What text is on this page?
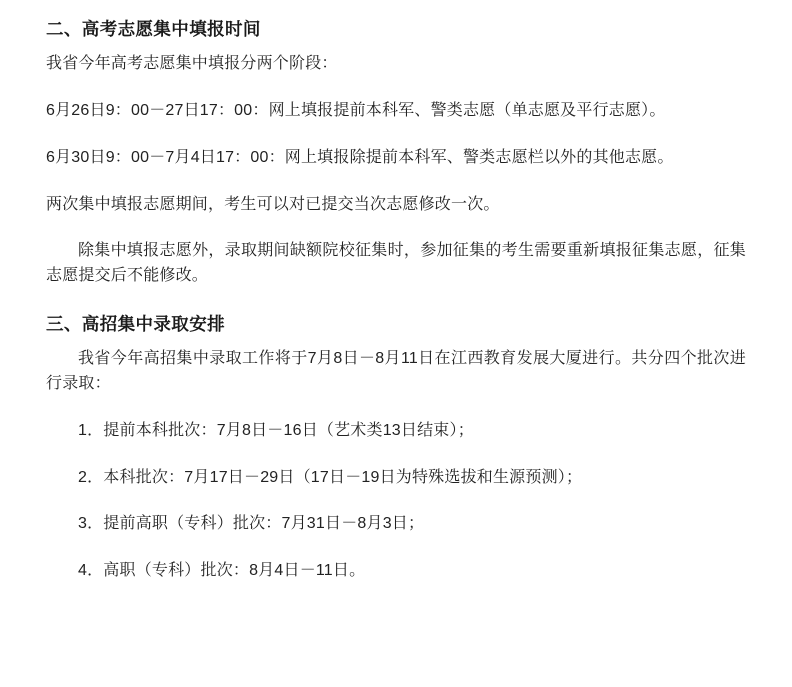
二、高考志愿集中填报时间

我省今年高考志愿集中填报分两个阶段：

6月26日9：00－27日17：00：网上填报提前本科军、警类志愿（单志愿及平行志愿）。

6月30日9：00－7月4日17：00：网上填报除提前本科军、警类志愿栏以外的其他志愿。

两次集中填报志愿期间，考生可以对已提交当次志愿修改一次。

除集中填报志愿外，录取期间缺额院校征集时，参加征集的考生需要重新填报征集志愿，征集志愿提交后不能修改。

三、高招集中录取安排

我省今年高招集中录取工作将于7月8日－8月11日在江西教育发展大厦进行。共分四个批次进行录取：

1．提前本科批次：7月8日－16日（艺术类13日结束）；

2．本科批次：7月17日－29日（17日－19日为特殊选拔和生源预测）；

3．提前高职（专科）批次：7月31日－8月3日；

4．高职（专科）批次：8月4日－11日。
